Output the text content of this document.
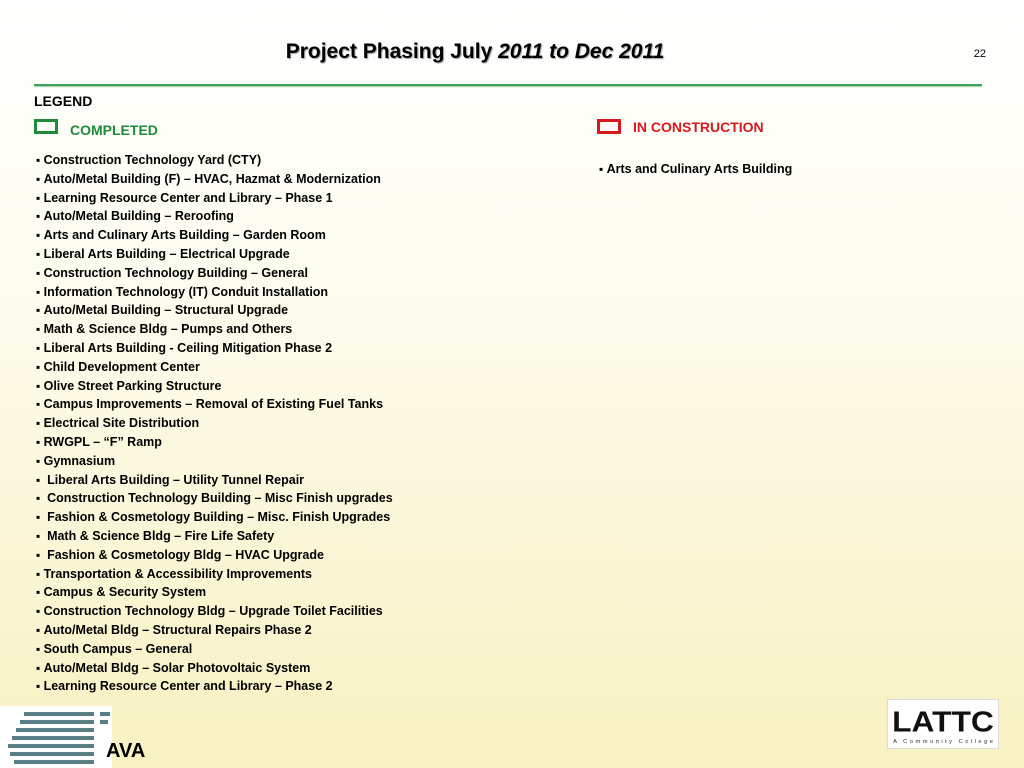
Project Phasing July 2011 to Dec 2011	22
LEGEND
COMPLETED	IN CONSTRUCTION
▪ Construction Technology Yard (CTY)
▪ Auto/Metal Building (F) – HVAC, Hazmat & Modernization
▪ Learning Resource Center and Library – Phase 1
▪ Auto/Metal Building – Reroofing
▪ Arts and Culinary Arts Building – Garden Room
▪ Liberal Arts Building – Electrical Upgrade
▪ Construction Technology Building – General
▪ Information Technology (IT) Conduit Installation
▪ Auto/Metal Building – Structural Upgrade
▪ Math & Science Bldg – Pumps and Others
▪ Liberal Arts Building - Ceiling Mitigation Phase 2
▪ Child Development Center
▪ Olive Street Parking Structure
▪ Campus Improvements – Removal of Existing Fuel Tanks
▪ Electrical Site Distribution
▪ RWGPL – “F” Ramp
▪ Gymnasium
▪  Liberal Arts Building – Utility Tunnel Repair
▪  Construction Technology Building – Misc Finish upgrades
▪  Fashion & Cosmetology Building – Misc. Finish Upgrades
▪  Math & Science Bldg – Fire Life Safety
▪  Fashion & Cosmetology Bldg – HVAC Upgrade
▪ Transportation & Accessibility Improvements
▪ Campus & Security System
▪ Construction Technology Bldg – Upgrade Toilet Facilities
▪ Auto/Metal Bldg – Structural Repairs Phase 2
▪ South Campus – General
▪ Auto/Metal Bldg – Solar Photovoltaic System
▪ Learning Resource Center and Library – Phase 2
▪ Arts and Culinary Arts Building
AVA
LATTC
A Community College
